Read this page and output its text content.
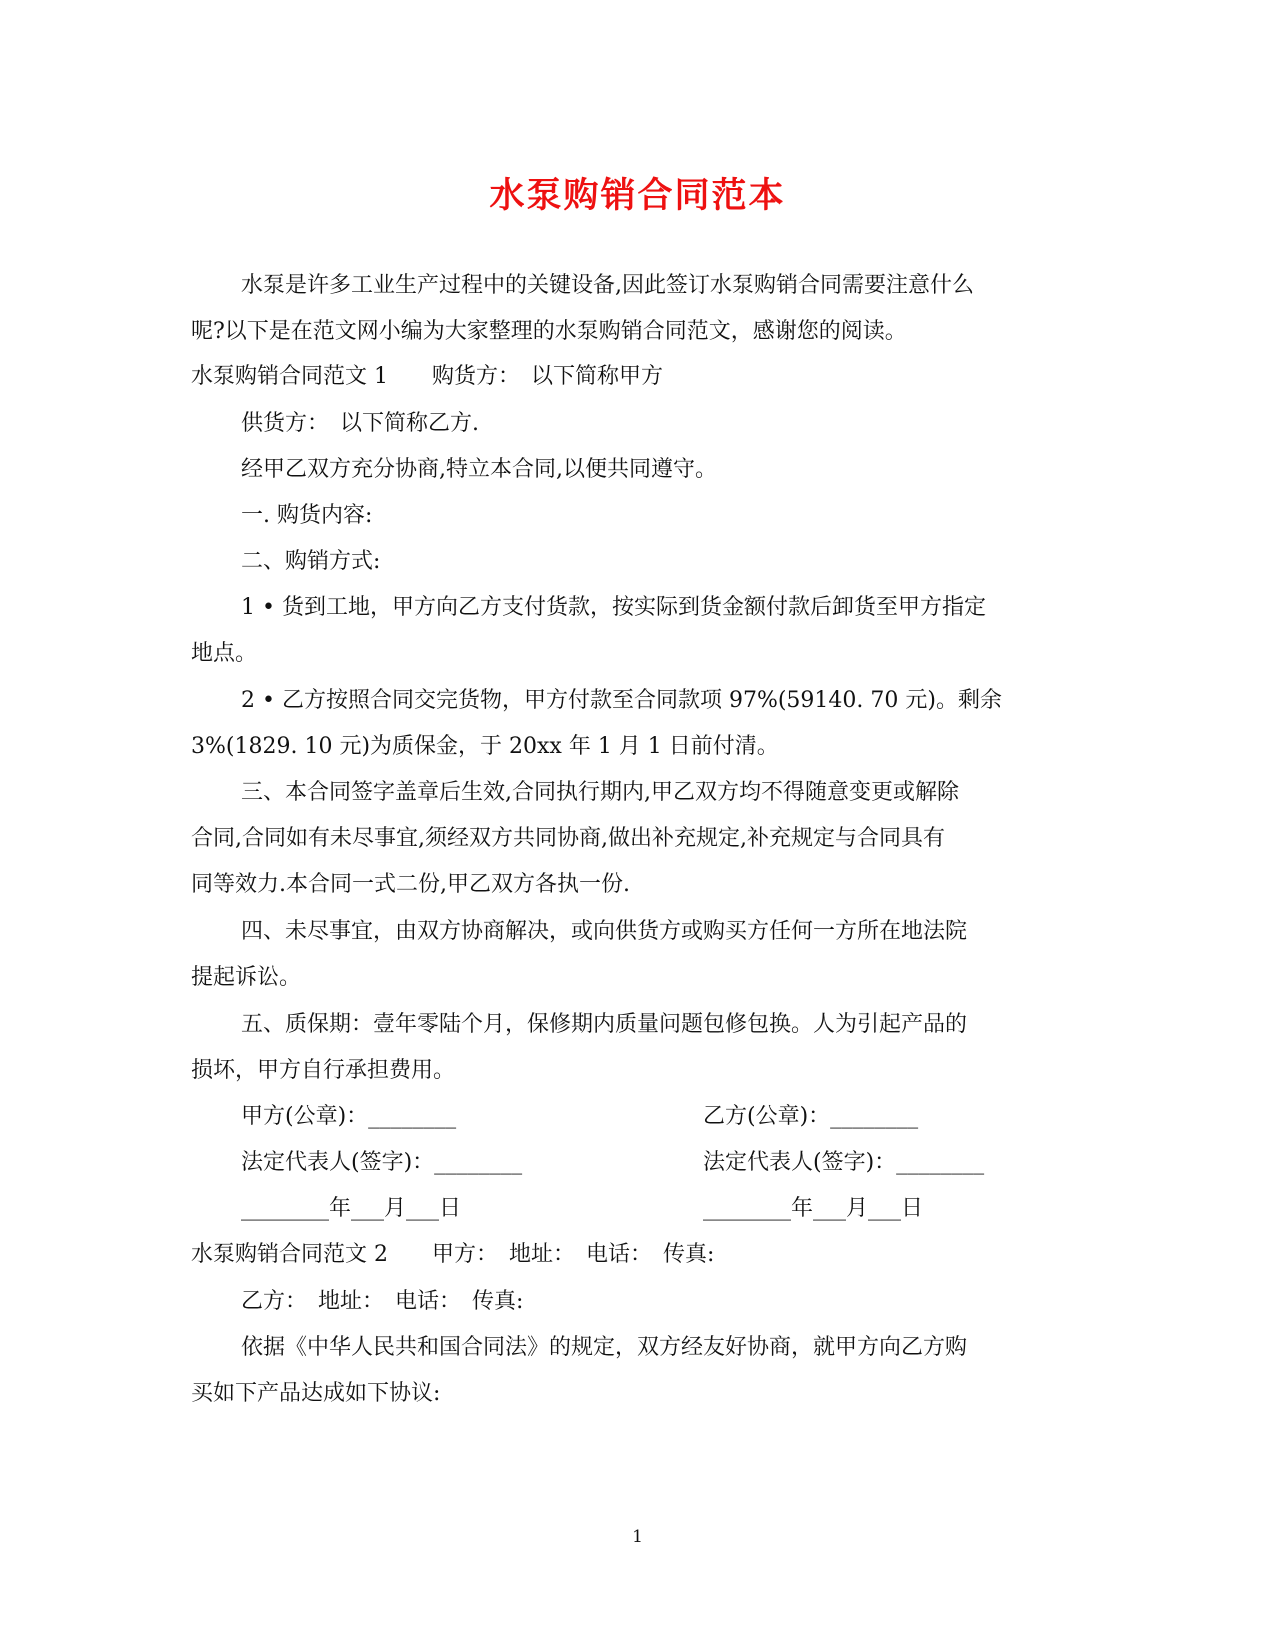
水泵购销合同范本
水泵是许多工业生产过程中的关键设备,因此签订水泵购销合同需要注意什么
呢?以下是在范文网小编为大家整理的水泵购销合同范文，感谢您的阅读。
水泵购销合同范文 1　　购货方：　以下简称甲方
供货方：　以下简称乙方.
经甲乙双方充分协商,特立本合同,以便共同遵守。
一. 购货内容:
二、购销方式:
1 • 货到工地，甲方向乙方支付货款，按实际到货金额付款后卸货至甲方指定
地点。
2 • 乙方按照合同交完货物，甲方付款至合同款项 97%(59140. 70 元)。剩余
3%(1829. 10 元)为质保金，于 20xx 年 1 月 1 日前付清。
三、本合同签字盖章后生效,合同执行期内,甲乙双方均不得随意变更或解除
合同,合同如有未尽事宜,须经双方共同协商,做出补充规定,补充规定与合同具有
同等效力.本合同一式二份,甲乙双方各执一份.
四、未尽事宜，由双方协商解决，或向供货方或购买方任何一方所在地法院
提起诉讼。
五、质保期：壹年零陆个月，保修期内质量问题包修包换。人为引起产品的
损坏，甲方自行承担费用。
甲方(公章)：________	乙方(公章)：________
法定代表人(签字)：________	法定代表人(签字)：________
________年___月___日	________年___月___日
水泵购销合同范文 2　　甲方：　地址：　电话：　传真:
乙方：　地址：　电话：　传真:
依据《中华人民共和国合同法》的规定，双方经友好协商，就甲方向乙方购
买如下产品达成如下协议:
1
